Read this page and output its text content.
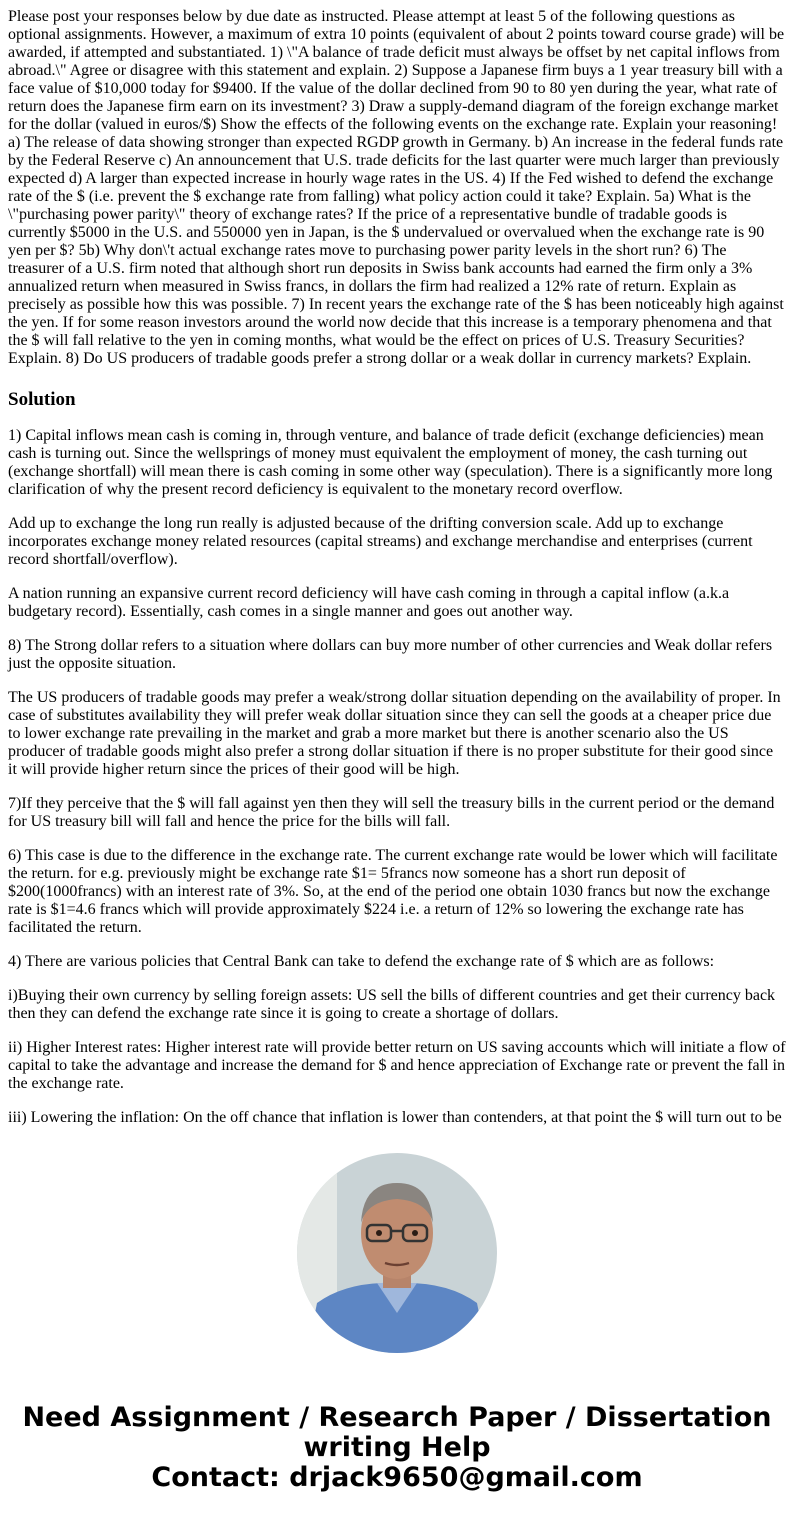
Please post your responses below by due date as instructed. Please attempt at least 5 of the following questions as optional assignments. However, a maximum of extra 10 points (equivalent of about 2 points toward course grade) will be awarded, if attempted and substantiated. 1) \"A balance of trade deficit must always be offset by net capital inflows from abroad.\" Agree or disagree with this statement and explain. 2) Suppose a Japanese firm buys a 1 year treasury bill with a face value of $10,000 today for $9400. If the value of the dollar declined from 90 to 80 yen during the year, what rate of return does the Japanese firm earn on its investment? 3) Draw a supply-demand diagram of the foreign exchange market for the dollar (valued in euros/$) Show the effects of the following events on the exchange rate. Explain your reasoning! a) The release of data showing stronger than expected RGDP growth in Germany. b) An increase in the federal funds rate by the Federal Reserve c) An announcement that U.S. trade deficits for the last quarter were much larger than previously expected d) A larger than expected increase in hourly wage rates in the US. 4) If the Fed wished to defend the exchange rate of the $ (i.e. prevent the $ exchange rate from falling) what policy action could it take? Explain. 5a) What is the \"purchasing power parity\" theory of exchange rates? If the price of a representative bundle of tradable goods is currently $5000 in the U.S. and 550000 yen in Japan, is the $ undervalued or overvalued when the exchange rate is 90 yen per $? 5b) Why don\'t actual exchange rates move to purchasing power parity levels in the short run? 6) The treasurer of a U.S. firm noted that although short run deposits in Swiss bank accounts had earned the firm only a 3% annualized return when measured in Swiss francs, in dollars the firm had realized a 12% rate of return. Explain as precisely as possible how this was possible. 7) In recent years the exchange rate of the $ has been noticeably high against the yen. If for some reason investors around the world now decide that this increase is a temporary phenomena and that the $ will fall relative to the yen in coming months, what would be the effect on prices of U.S. Treasury Securities? Explain. 8) Do US producers of tradable goods prefer a strong dollar or a weak dollar in currency markets? Explain.

Solution

1) Capital inflows mean cash is coming in, through venture, and balance of trade deficit (exchange deficiencies) mean cash is turning out. Since the wellsprings of money must equivalent the employment of money, the cash turning out (exchange shortfall) will mean there is cash coming in some other way (speculation). There is a significantly more long clarification of why the present record deficiency is equivalent to the monetary record overflow.

Add up to exchange the long run really is adjusted because of the drifting conversion scale. Add up to exchange incorporates exchange money related resources (capital streams) and exchange merchandise and enterprises (current record shortfall/overflow).

A nation running an expansive current record deficiency will have cash coming in through a capital inflow (a.k.a budgetary record). Essentially, cash comes in a single manner and goes out another way.

8) The Strong dollar refers to a situation where dollars can buy more number of other currencies and Weak dollar refers just the opposite situation.

The US producers of tradable goods may prefer a weak/strong dollar situation depending on the availability of proper. In case of substitutes availability they will prefer weak dollar situation since they can sell the goods at a cheaper price due to lower exchange rate prevailing in the market and grab a more market but there is another scenario also the US producer of tradable goods might also prefer a strong dollar situation if there is no proper substitute for their good since it will provide higher return since the prices of their good will be high.

7)If they perceive that the $ will fall against yen then they will sell the treasury bills in the current period or the demand for US treasury bill will fall and hence the price for the bills will fall.

6) This case is due to the difference in the exchange rate. The current exchange rate would be lower which will facilitate the return. for e.g. previously might be exchange rate $1= 5francs now someone has a short run deposit of $200(1000francs) with an interest rate of 3%. So, at the end of the period one obtain 1030 francs but now the exchange rate is $1=4.6 francs which will provide approximately $224 i.e. a return of 12% so lowering the exchange rate has facilitated the return.

4) There are various policies that Central Bank can take to defend the exchange rate of $ which are as follows:

i)Buying their own currency by selling foreign assets: US sell the bills of different countries and get their currency back then they can defend the exchange rate since it is going to create a shortage of dollars.

ii) Higher Interest rates: Higher interest rate will provide better return on US saving accounts which will initiate a flow of capital to take the advantage and increase the demand for $ and hence appreciation of Exchange rate or prevent the fall in the exchange rate.

iii) Lowering the inflation: On the off chance that inflation is lower than contenders, at that point the $ will turn out to be

Need Assignment / Research Paper / Dissertation writing Help
Contact: drjack9650@gmail.com
